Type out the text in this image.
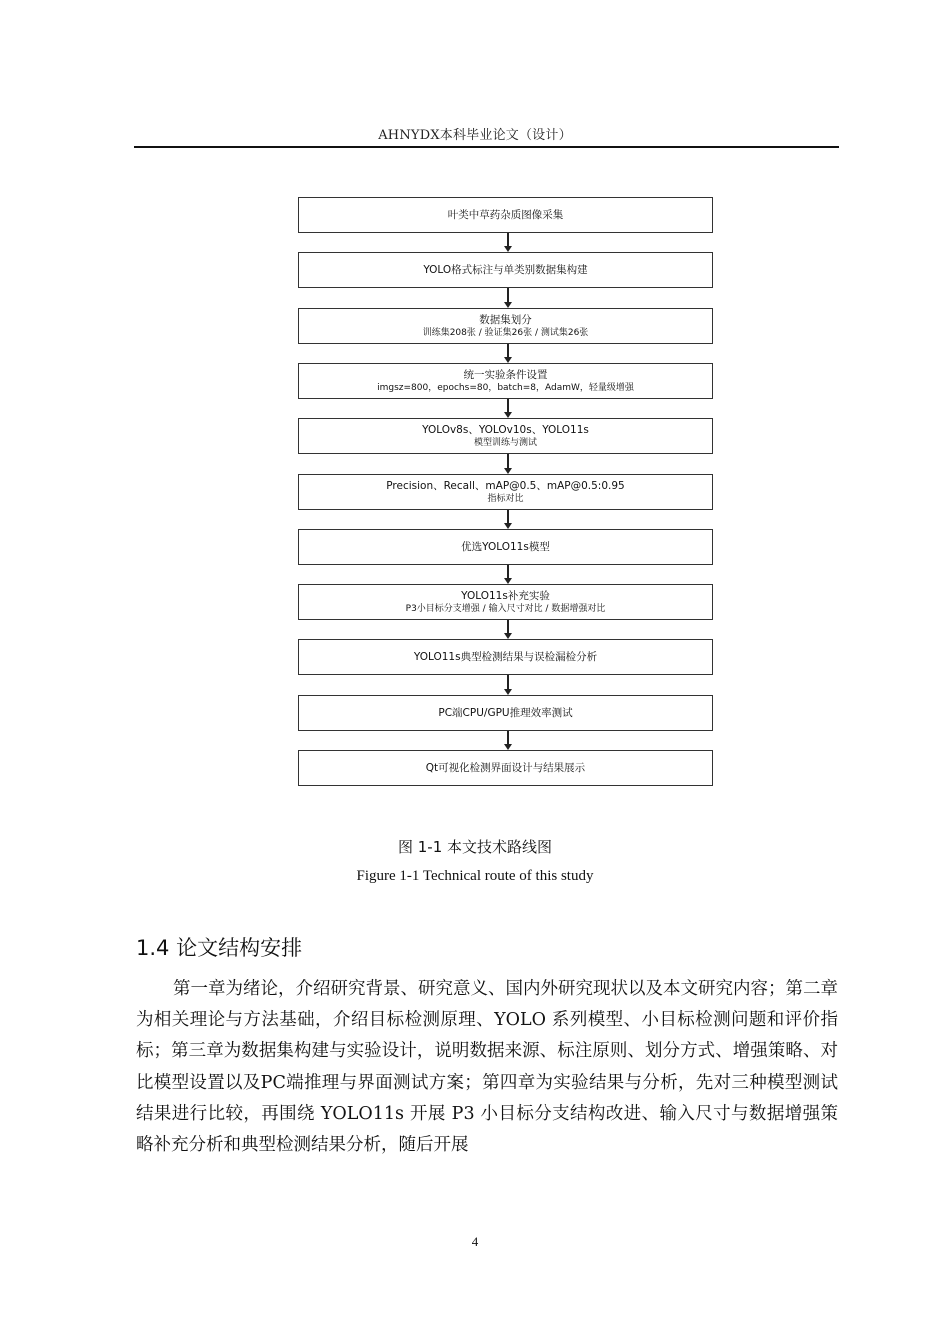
AHNYDX本科毕业论文（设计）
叶类中草药杂质图像采集
YOLO格式标注与单类别数据集构建
数据集划分
训练集208张 / 验证集26张 / 测试集26张
统一实验条件设置
imgsz=800，epochs=80，batch=8，AdamW，轻量级增强
YOLOv8s、YOLOv10s、YOLO11s
模型训练与测试
Precision、Recall、mAP@0.5、mAP@0.5:0.95
指标对比
优选YOLO11s模型
YOLO11s补充实验
P3小目标分支增强 / 输入尺寸对比 / 数据增强对比
YOLO11s典型检测结果与误检漏检分析
PC端CPU/GPU推理效率测试
Qt可视化检测界面设计与结果展示
图 1-1 本文技术路线图
Figure 1-1 Technical route of this study
1.4 论文结构安排

第一章为绪论，介绍研究背景、研究意义、国内外研究现状以及本文研究内容；第二章为相关理论与方法基础，介绍目标检测原理、YOLO 系列模型、小目标检测问题和评价指标；第三章为数据集构建与实验设计，说明数据来源、标注原则、划分方式、增强策略、对比模型设置以及PC端推理与界面测试方案；第四章为实验结果与分析，先对三种模型测试结果进行比较，再围绕 YOLO11s 开展 P3 小目标分支结构改进、输入尺寸与数据增强策略补充分析和典型检测结果分析，随后开展

4
